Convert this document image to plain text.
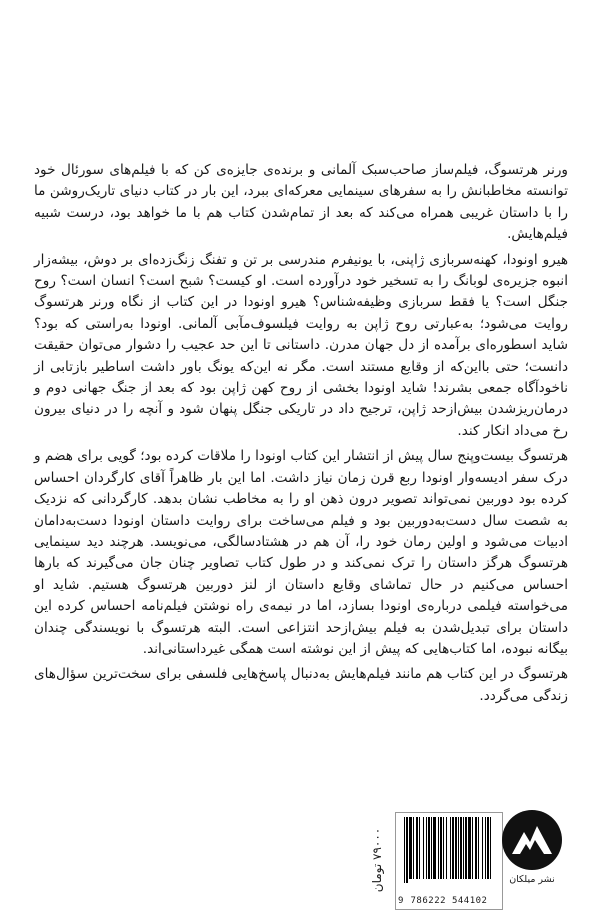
ورنر هرتسوگ، فیلم‌ساز صاحب‌سبک آلمانی و برنده‌ی جایزه‌ی کن که با فیلم‌های سورئال خود توانسته مخاطبانش را به سفرهای سینمایی معرکه‌ای ببرد، این بار در کتاب دنیای تاریک‌روشن ما را با داستان غریبی همراه می‌کند که بعد از تمام‌شدن کتاب هم با ما خواهد بود، درست شبیه فیلم‌هایش.

هیرو اونودا، کهنه‌سربازی ژاپنی، با یونیفرم مندرسی بر تن و تفنگ زنگ‌زده‌ای بر دوش، بیشه‌زار انبوه جزیره‌ی لوبانگ را به تسخیر خود درآورده است. او کیست؟ شبح است؟ انسان است؟ روح جنگل است؟ یا فقط سربازی وظیفه‌شناس؟ هیرو اونودا در این کتاب از نگاه ورنر هرتسوگ روایت می‌شود؛ به‌عبارتی روح ژاپن به روایت فیلسوف‌مآبی آلمانی. اونودا به‌راستی که بود؟ شاید اسطوره‌ای برآمده از دل جهان مدرن. داستانی تا این حد عجیب را دشوار می‌توان حقیقت دانست؛ حتی با‌این‌که از وقایع مستند است. مگر نه این‌که یونگ باور داشت اساطیر بازتابی از ناخودآگاه جمعی بشرند! شاید اونودا بخشی از روح کهن ژاپن بود که بعد از جنگ جهانی دوم و درمان‌ریزشدن بیش‌از‌حد ژاپن، ترجیح داد در تاریکی جنگل پنهان شود و آنچه را در دنیای بیرون رخ می‌داد انکار کند.

هرتسوگ بیست‌وپنج سال پیش از انتشار این کتاب اونودا را ملاقات کرده بود؛ گویی برای هضم و درک سفر ادیسه‌وار اونودا ربع قرن زمان نیاز داشت. اما این بار ظاهراً آقای کارگردان احساس کرده بود دوربین نمی‌تواند تصویر درون ذهن او را به مخاطب نشان بدهد. کارگردانی که نزدیک به شصت سال دست‌به‌دوربین بود و فیلم می‌ساخت برای روایت داستان اونودا دست‌به‌دامان ادبیات می‌شود و اولین رمان خود را، آن هم در هشتادسالگی، می‌نویسد. هرچند دید سینمایی هرتسوگ هرگز داستان را ترک نمی‌کند و در طول کتاب تصاویر چنان جان می‌گیرند که بارها احساس می‌کنیم در حال تماشای وقایع داستان از لنز دوربین هرتسوگ هستیم. شاید او می‌خواسته فیلمی درباره‌ی اونودا بسازد، اما در نیمه‌ی راه نوشتن فیلم‌نامه احساس کرده این داستان برای تبدیل‌شدن به فیلم بیش‌از‌حد انتزاعی است. البته هرتسوگ با نویسندگی چندان بیگانه نبوده، اما کتاب‌هایی که پیش از این نوشته است همگی غیرداستانی‌اند.

هرتسوگ در این کتاب هم مانند فیلم‌هایش به‌دنبال پاسخ‌هایی فلسفی برای سخت‌ترین سؤال‌های زندگی می‌گردد.

۷۹۰۰۰ تومان
9 786222 544102
نشر میلکان
